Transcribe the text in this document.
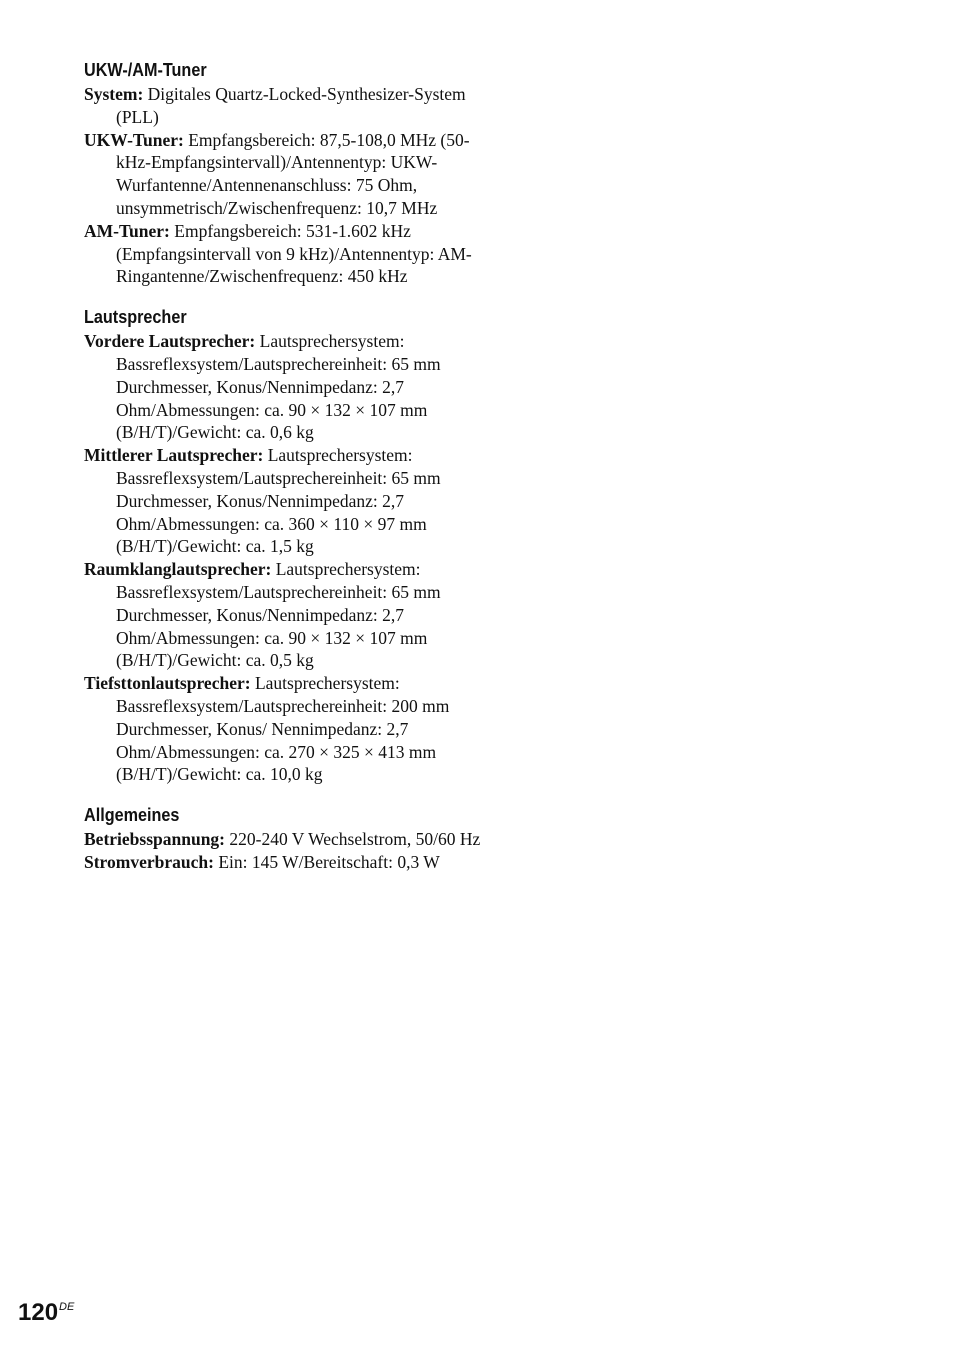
UKW-/AM-Tuner

System: Digitales Quartz-Locked-Synthesizer-System (PLL)

UKW-Tuner: Empfangsbereich: 87,5-108,0 MHz (50-kHz-Empfangsintervall)/Antennentyp: UKW-Wurfantenne/Antennenanschluss: 75 Ohm, unsymmetrisch/Zwischenfrequenz: 10,7 MHz

AM-Tuner: Empfangsbereich: 531-1.602 kHz (Empfangsintervall von 9 kHz)/Antennentyp: AM-Ringantenne/Zwischenfrequenz: 450 kHz

Lautsprecher

Vordere Lautsprecher: Lautsprechersystem: Bassreflexsystem/Lautsprechereinheit: 65 mm Durchmesser, Konus/Nennimpedanz: 2,7 Ohm/Abmessungen: ca. 90 × 132 × 107 mm (B/H/T)/Gewicht: ca. 0,6 kg

Mittlerer Lautsprecher: Lautsprechersystem: Bassreflexsystem/Lautsprechereinheit: 65 mm Durchmesser, Konus/Nennimpedanz: 2,7 Ohm/Abmessungen: ca. 360 × 110 × 97 mm (B/H/T)/Gewicht: ca. 1,5 kg

Raumklanglautsprecher: Lautsprechersystem: Bassreflexsystem/Lautsprechereinheit: 65 mm Durchmesser, Konus/Nennimpedanz: 2,7 Ohm/Abmessungen: ca. 90 × 132 × 107 mm (B/H/T)/Gewicht: ca. 0,5 kg

Tiefsttonlautsprecher: Lautsprechersystem: Bassreflexsystem/Lautsprechereinheit: 200 mm Durchmesser, Konus/ Nennimpedanz: 2,7 Ohm/Abmessungen: ca. 270 × 325 × 413 mm (B/H/T)/Gewicht: ca. 10,0 kg

Allgemeines

Betriebsspannung: 220-240 V Wechselstrom, 50/60 Hz

Stromverbrauch: Ein: 145 W/Bereitschaft: 0,3 W

120DE
